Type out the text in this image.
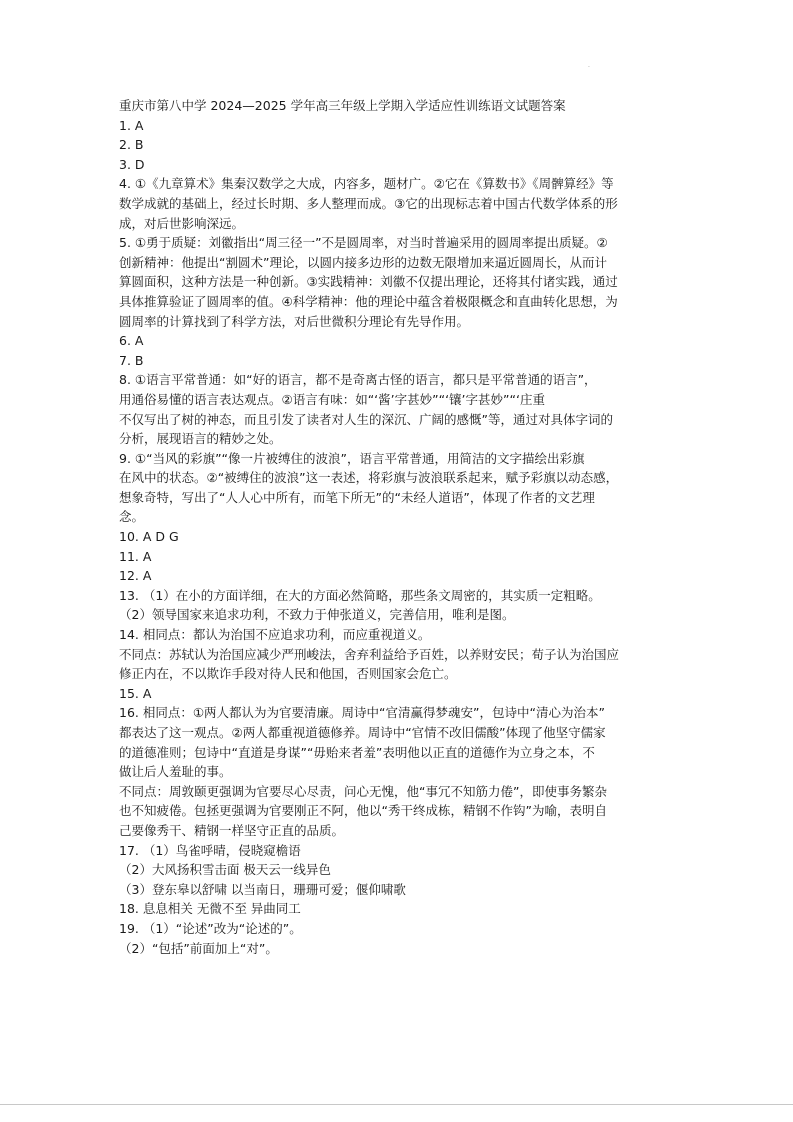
·
重庆市第八中学 2024—2025 学年高三年级上学期入学适应性训练语文试题答案
1. A
2. B
3. D
4. ①《九章算术》集秦汉数学之大成，内容多，题材广。②它在《算数书》《周髀算经》等
数学成就的基础上，经过长时期、多人整理而成。③它的出现标志着中国古代数学体系的形
成，对后世影响深远。
5. ①勇于质疑：刘徽指出“周三径一”不是圆周率，对当时普遍采用的圆周率提出质疑。②
创新精神：他提出“割圆术”理论，以圆内接多边形的边数无限增加来逼近圆周长，从而计
算圆面积，这种方法是一种创新。③实践精神：刘徽不仅提出理论，还将其付诸实践，通过
具体推算验证了圆周率的值。④科学精神：他的理论中蕴含着极限概念和直曲转化思想，为
圆周率的计算找到了科学方法，对后世微积分理论有先导作用。
6. A
7. B
8. ①语言平常普通：如“好的语言，都不是奇离古怪的语言，都只是平常普通的语言”，
用通俗易懂的语言表达观点。②语言有味：如“‘酱’字甚妙”“‘镶’字甚妙”“‘庄重
不仅写出了树的神态，而且引发了读者对人生的深沉、广阔的感慨”等，通过对具体字词的
分析，展现语言的精妙之处。
9. ①“当风的彩旗”“像一片被缚住的波浪”，语言平常普通，用简洁的文字描绘出彩旗
在风中的状态。②“被缚住的波浪”这一表述，将彩旗与波浪联系起来，赋予彩旗以动态感，
想象奇特，写出了“人人心中所有，而笔下所无”的“未经人道语”，体现了作者的文艺理
念。
10. A D G
11. A
12. A
13. （1）在小的方面详细，在大的方面必然简略，那些条文周密的，其实质一定粗略。
（2）领导国家来追求功利，不致力于伸张道义，完善信用，唯利是图。
14. 相同点：都认为治国不应追求功利，而应重视道义。
不同点：苏轼认为治国应减少严刑峻法，舍弃利益给予百姓，以养财安民；荀子认为治国应
修正内在，不以欺诈手段对待人民和他国，否则国家会危亡。
15. A
16. 相同点：①两人都认为为官要清廉。周诗中“官清赢得梦魂安”，包诗中“清心为治本”
都表达了这一观点。②两人都重视道德修养。周诗中“官情不改旧儒酸”体现了他坚守儒家
的道德准则；包诗中“直道是身谋”“毋贻来者羞”表明他以正直的道德作为立身之本，不
做让后人羞耻的事。
不同点：周敦颐更强调为官要尽心尽责，问心无愧，他“事冗不知筋力倦”，即使事务繁杂
也不知疲倦。包拯更强调为官要刚正不阿，他以“秀干终成栋，精钢不作钩”为喻，表明自
己要像秀干、精钢一样坚守正直的品质。
17. （1）鸟雀呼晴，侵晓窥檐语
（2）大风扬积雪击面 极天云一线异色
（3）登东皋以舒啸 以当南日，珊珊可爱；偃仰啸歌
18. 息息相关 无微不至 异曲同工
19. （1）“论述”改为“论述的”。
（2）“包括”前面加上“对”。
